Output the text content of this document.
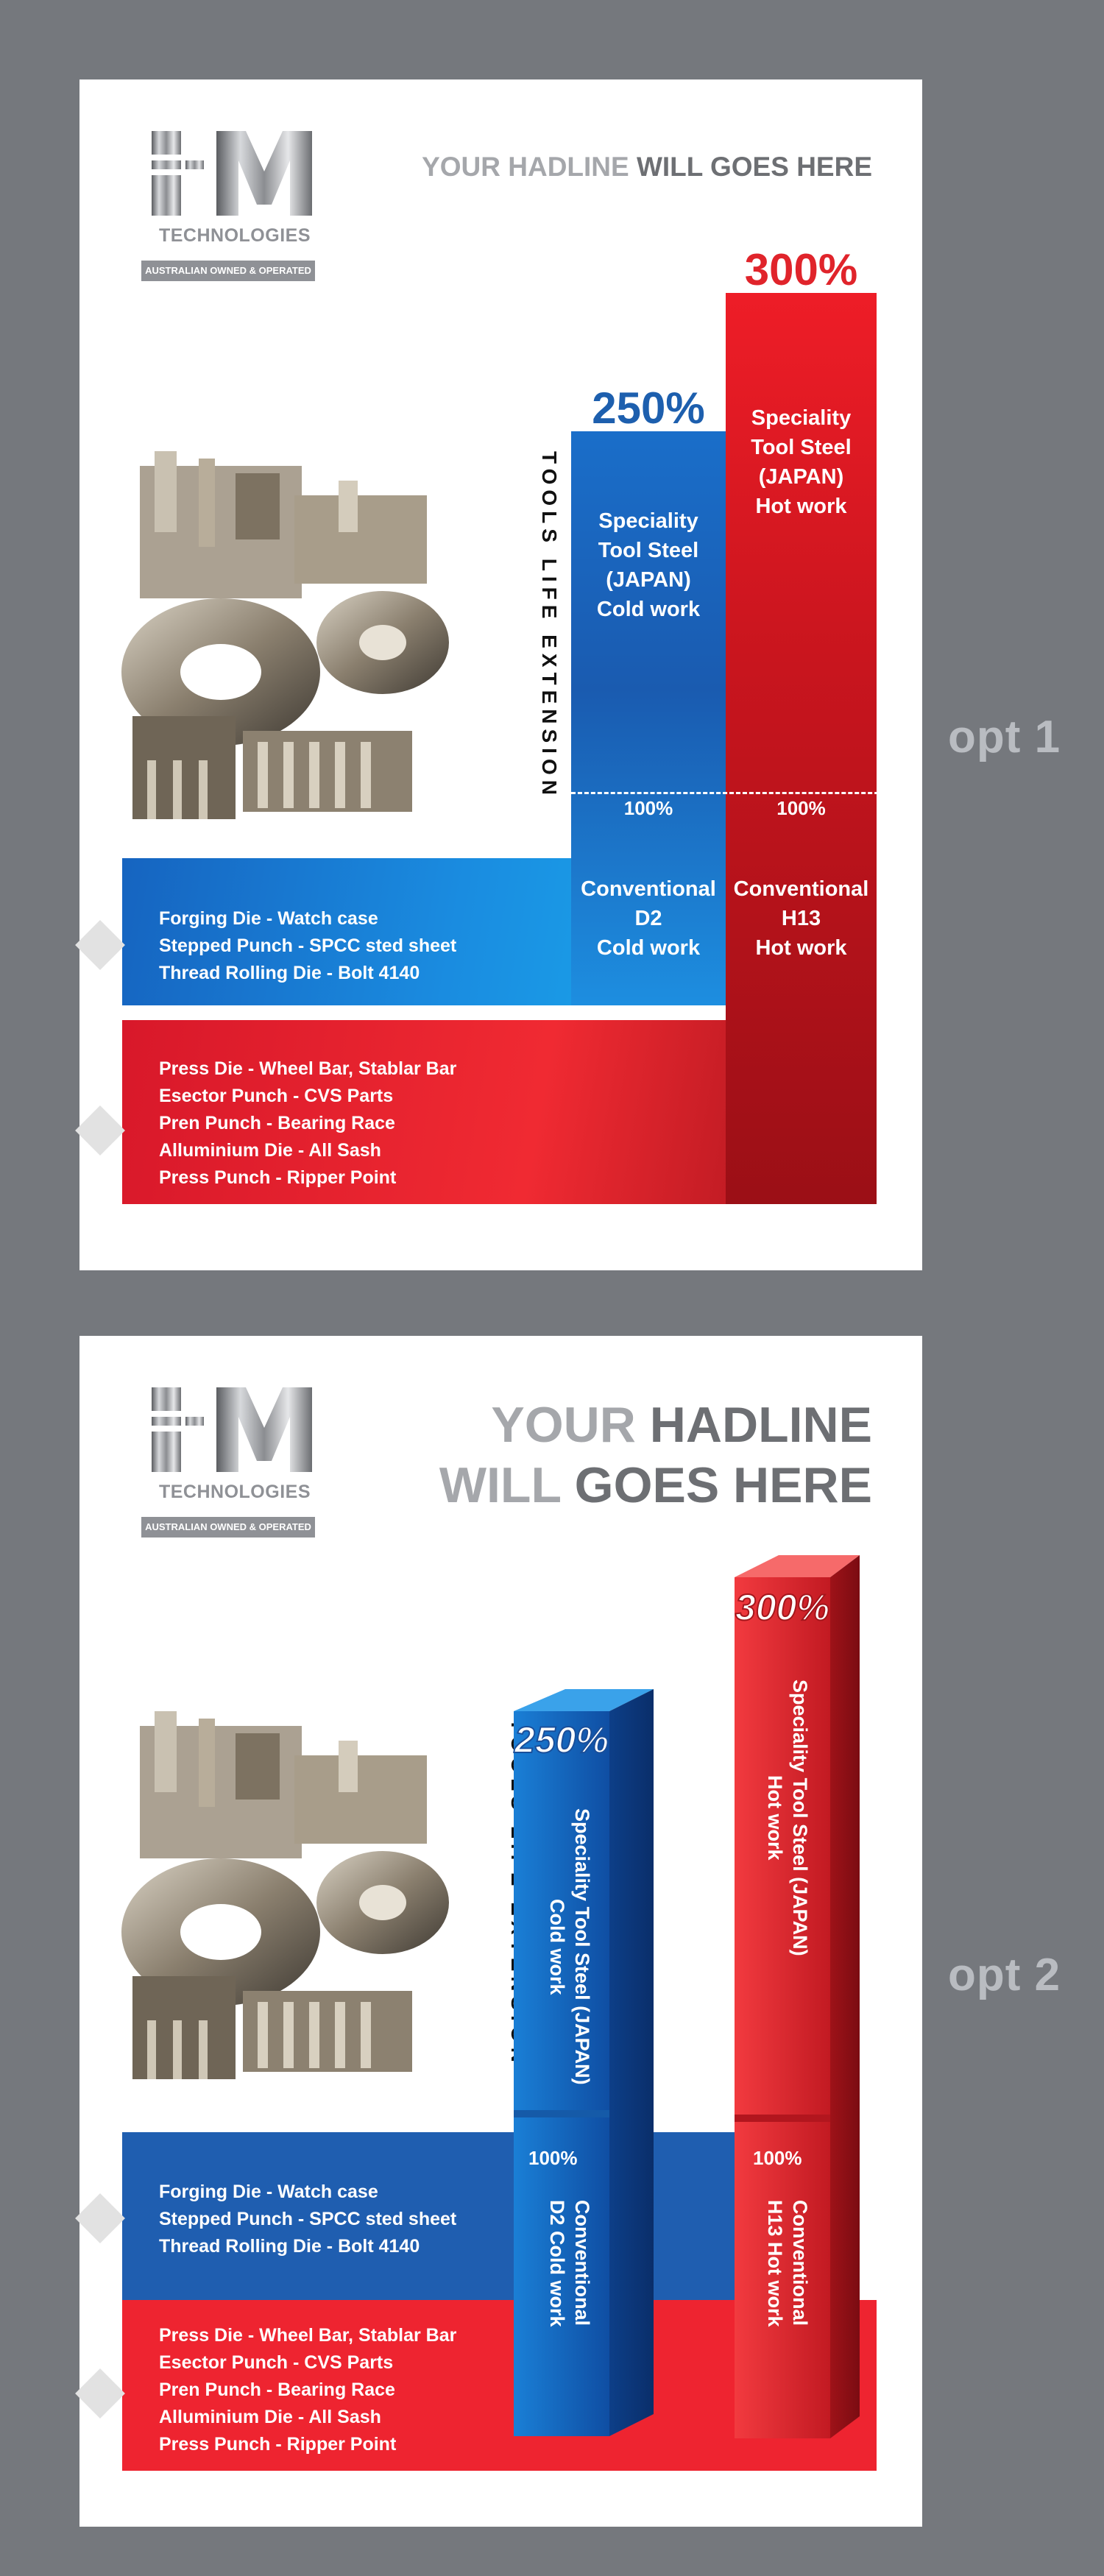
TECHNOLOGIES
AUSTRALIAN OWNED & OPERATED
YOUR HADLINE WILL GOES HERE
TOOLS LIFE EXTENSION
Forging Die - Watch case
Stepped Punch - SPCC sted sheet
Thread Rolling Die - Bolt 4140
250%
Speciality
Tool Steel
(JAPAN)
Cold work
100%
Conventional
D2
Cold work
Press Die - Wheel Bar, Stablar Bar
Esector Punch - CVS Parts
Pren Punch - Bearing Race
Alluminium Die - All Sash
Press Punch - Ripper Point
300%
Speciality
Tool Steel
(JAPAN)
Hot work
100%
Conventional
H13
Hot work
opt 1
TECHNOLOGIES
AUSTRALIAN OWNED & OPERATED
YOUR HADLINE
WILL GOES HERE
Forging Die - Watch case
Stepped Punch - SPCC sted sheet
Thread Rolling Die - Bolt 4140
Press Die - Wheel Bar, Stablar Bar
Esector Punch - CVS Parts
Pren Punch - Bearing Race
Alluminium Die - All Sash
Press Punch - Ripper Point
250%
Speciality Tool Steel (JAPAN)
Cold work
100%
Conventional
D2 Cold work
300%
Speciality Tool Steel (JAPAN)
Hot work
100%
Conventional
H13 Hot work
opt 2
